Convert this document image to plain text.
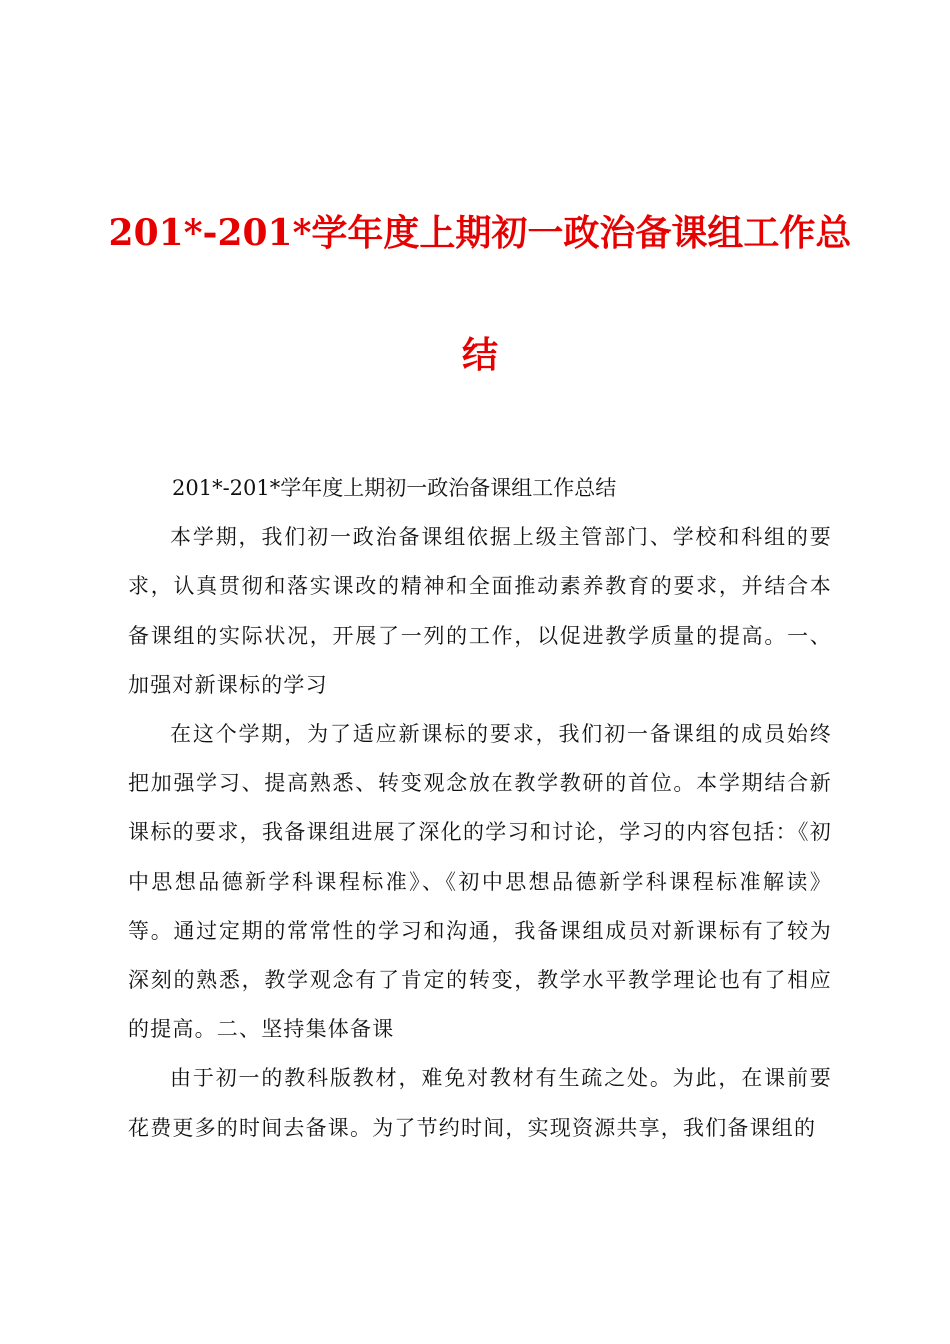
201*-201*学年度上期初一政治备课组工作总
结

201*-201*学年度上期初一政治备课组工作总结

本学期，我们初一政治备课组依据上级主管部门、学校和科组的要求，认真贯彻和落实课改的精神和全面推动素养教育的要求，并结合本备课组的实际状况，开展了一列的工作，以促进教学质量的提高。一、加强对新课标的学习

在这个学期，为了适应新课标的要求，我们初一备课组的成员始终把加强学习、提高熟悉、转变观念放在教学教研的首位。本学期结合新课标的要求，我备课组进展了深化的学习和讨论，学习的内容包括：《初中思想品德新学科课程标准》、《初中思想品德新学科课程标准解读》等。通过定期的常常性的学习和沟通，我备课组成员对新课标有了较为深刻的熟悉，教学观念有了肯定的转变，教学水平教学理论也有了相应的提高。二、坚持集体备课

由于初一的教科版教材，难免对教材有生疏之处。为此，在课前要花费更多的时间去备课。为了节约时间，实现资源共享，我们备课组的
